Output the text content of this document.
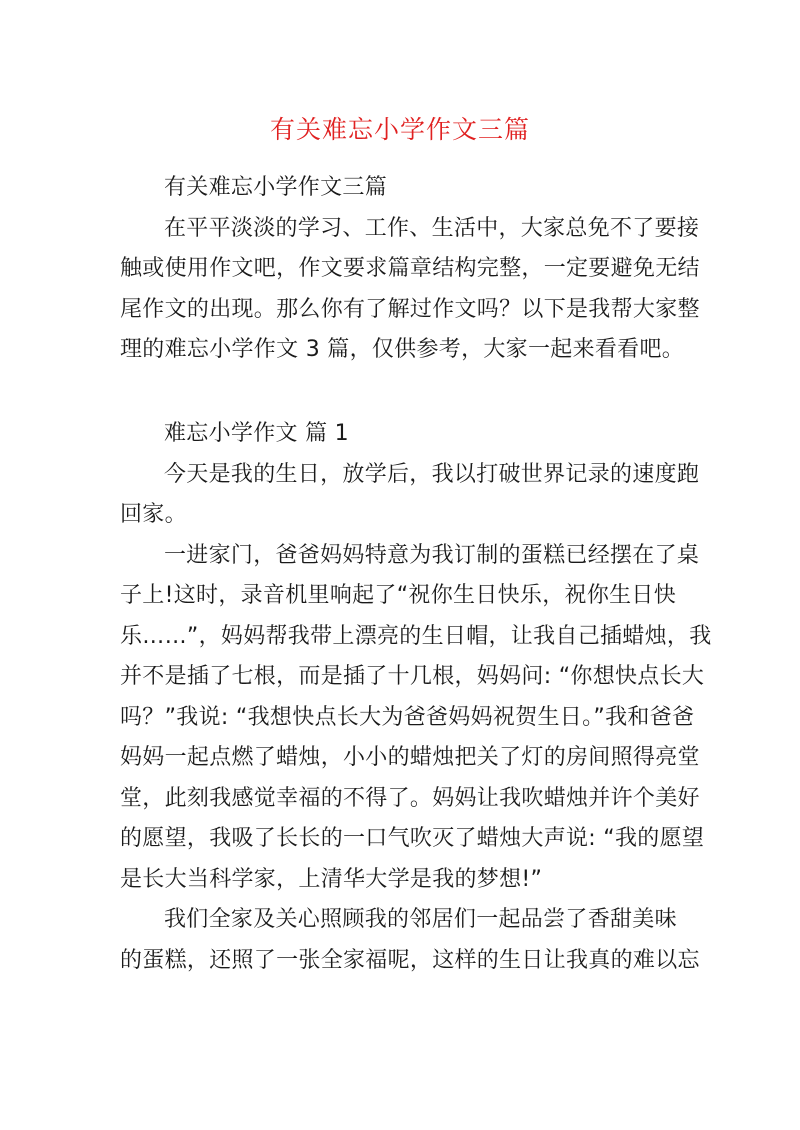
有关难忘小学作文三篇
有关难忘小学作文三篇
在平平淡淡的学习、工作、生活中，大家总免不了要接
触或使用作文吧，作文要求篇章结构完整，一定要避免无结
尾作文的出现。那么你有了解过作文吗？以下是我帮大家整
理的难忘小学作文 3 篇，仅供参考，大家一起来看看吧。
难忘小学作文 篇 1
今天是我的生日，放学后，我以打破世界记录的速度跑
回家。
一进家门，爸爸妈妈特意为我订制的蛋糕已经摆在了桌
子上!这时，录音机里响起了“祝你生日快乐，祝你生日快
乐……”，妈妈帮我带上漂亮的生日帽，让我自己插蜡烛，我
并不是插了七根，而是插了十几根，妈妈问: “你想快点长大
吗？”我说: “我想快点长大为爸爸妈妈祝贺生日。”我和爸爸
妈妈一起点燃了蜡烛，小小的蜡烛把关了灯的房间照得亮堂
堂，此刻我感觉幸福的不得了。妈妈让我吹蜡烛并许个美好
的愿望，我吸了长长的一口气吹灭了蜡烛大声说: “我的愿望
是长大当科学家，上清华大学是我的梦想!”
我们全家及关心照顾我的邻居们一起品尝了香甜美味
的蛋糕，还照了一张全家福呢，这样的生日让我真的难以忘
